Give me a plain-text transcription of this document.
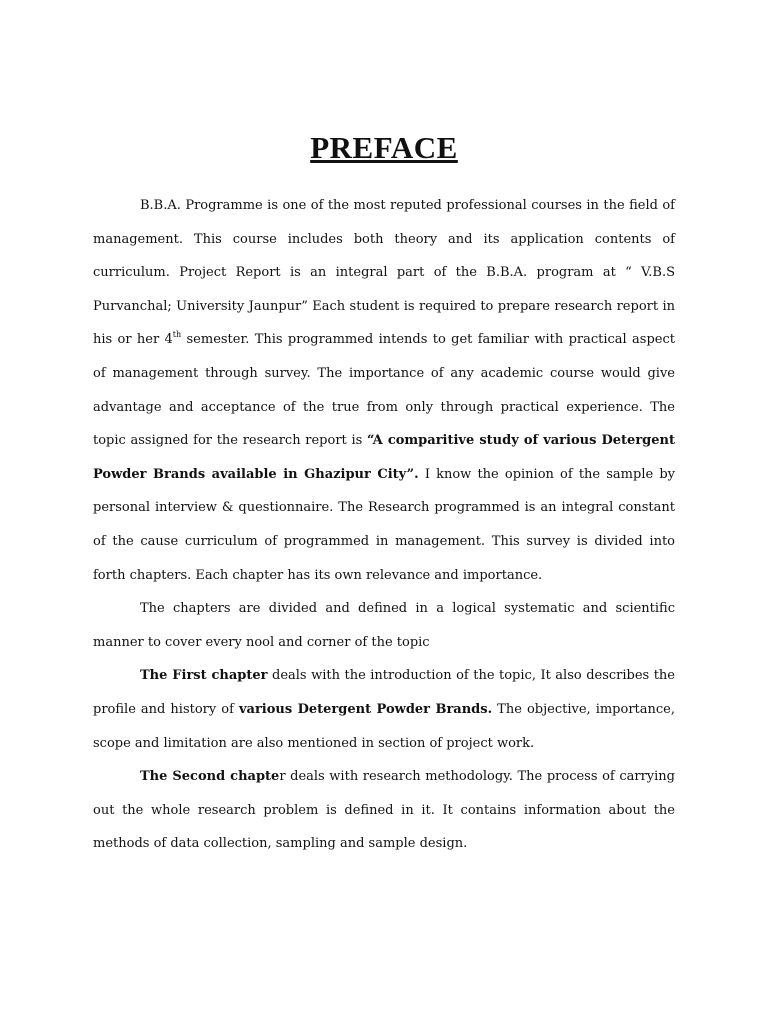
PREFACE

B.B.A. Programme is one of the most reputed professional courses in the field of management. This course includes both theory and its application contents of curriculum. Project Report is an integral part of the B.B.A. program at “ V.B.S Purvanchal; University Jaunpur” Each student is required to prepare research report in his or her 4th semester. This programmed intends to get familiar with practical aspect of management through survey. The importance of any academic course would give advantage and acceptance of the true from only through practical experience. The topic assigned for the research report is “A comparitive study of various Detergent Powder Brands available in Ghazipur City”. I know the opinion of the sample by personal interview & questionnaire. The Research programmed is an integral constant of the cause curriculum of programmed in management. This survey is divided into forth chapters. Each chapter has its own relevance and importance.

The chapters are divided and defined in a logical systematic and scientific manner to cover every nool and corner of the topic

The First chapter deals with the introduction of the topic, It also describes the profile and history of various Detergent Powder Brands. The objective, importance, scope and limitation are also mentioned in section of project work.

The Second chapter deals with research methodology. The process of carrying out the whole research problem is defined in it. It contains information about the methods of data collection, sampling and sample design.
